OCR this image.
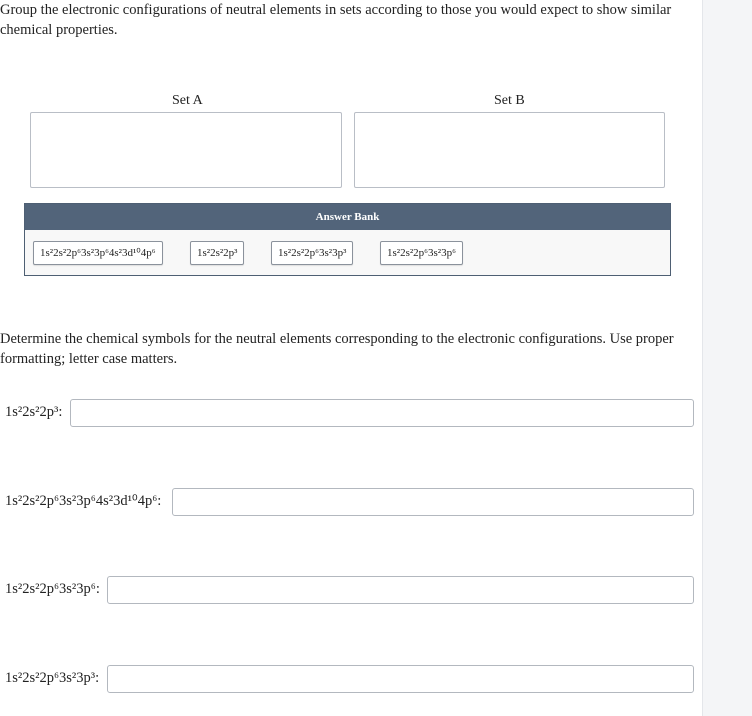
Group the electronic configurations of neutral elements in sets according to those you would expect to show similar chemical properties.

Set A	Set B
Answer Bank
1s²2s²2p⁶3s²3p⁶4s²3d¹⁰4p⁶	1s²2s²2p³	1s²2s²2p⁶3s²3p³	1s²2s²2p⁶3s²3p⁶

Determine the chemical symbols for the neutral elements corresponding to the electronic configurations. Use proper formatting; letter case matters.

1s²2s²2p³:
1s²2s²2p⁶3s²3p⁶4s²3d¹⁰4p⁶:
1s²2s²2p⁶3s²3p⁶:
1s²2s²2p⁶3s²3p³:
